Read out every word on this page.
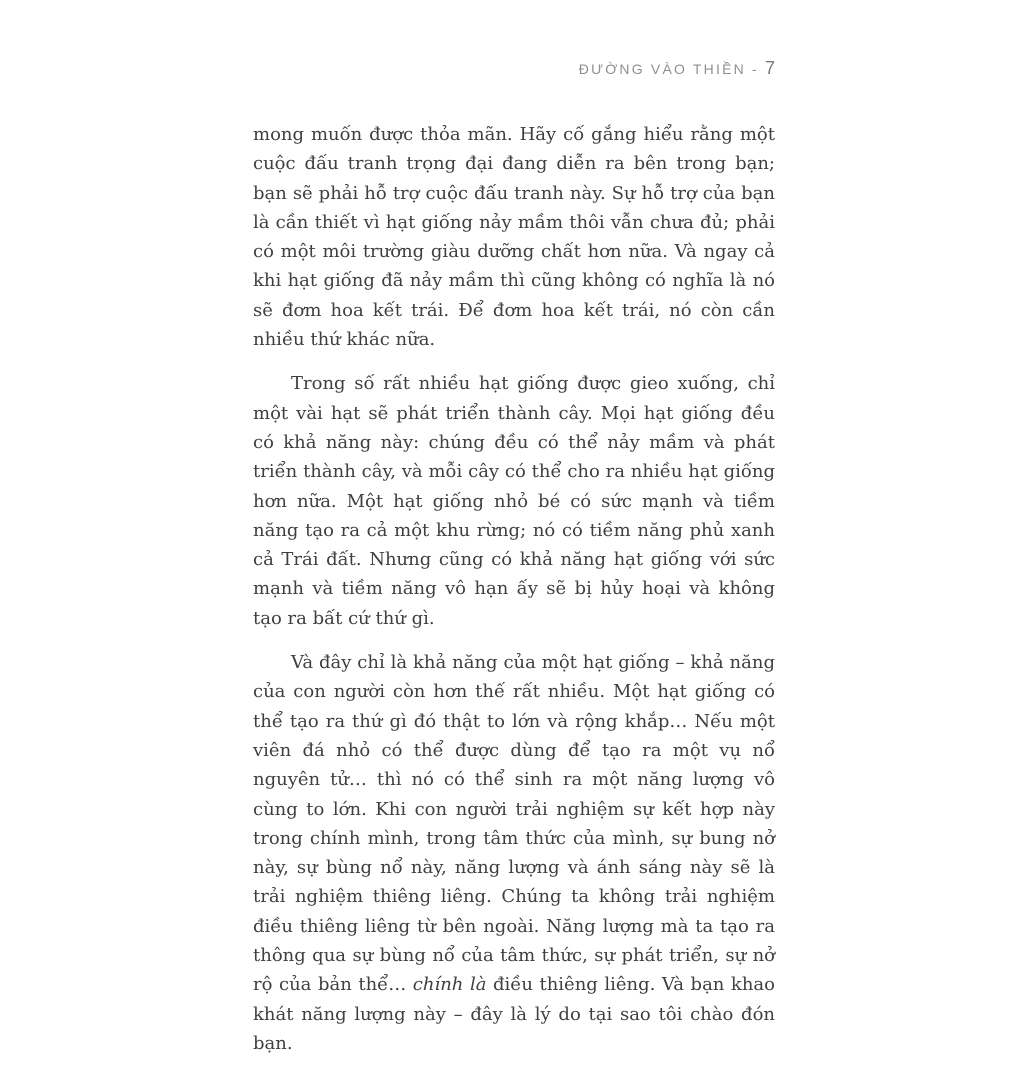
ĐƯỜNG VÀO THIỀN - 7

mong muốn được thỏa mãn. Hãy cố gắng hiểu rằng một cuộc đấu tranh trọng đại đang diễn ra bên trong bạn; bạn sẽ phải hỗ trợ cuộc đấu tranh này. Sự hỗ trợ của bạn là cần thiết vì hạt giống nảy mầm thôi vẫn chưa đủ; phải có một môi trường giàu dưỡng chất hơn nữa. Và ngay cả khi hạt giống đã nảy mầm thì cũng không có nghĩa là nó sẽ đơm hoa kết trái. Để đơm hoa kết trái, nó còn cần nhiều thứ khác nữa.

Trong số rất nhiều hạt giống được gieo xuống, chỉ một vài hạt sẽ phát triển thành cây. Mọi hạt giống đều có khả năng này: chúng đều có thể nảy mầm và phát triển thành cây, và mỗi cây có thể cho ra nhiều hạt giống hơn nữa. Một hạt giống nhỏ bé có sức mạnh và tiềm năng tạo ra cả một khu rừng; nó có tiềm năng phủ xanh cả Trái đất. Nhưng cũng có khả năng hạt giống với sức mạnh và tiềm năng vô hạn ấy sẽ bị hủy hoại và không tạo ra bất cứ thứ gì.

Và đây chỉ là khả năng của một hạt giống – khả năng của con người còn hơn thế rất nhiều. Một hạt giống có thể tạo ra thứ gì đó thật to lớn và rộng khắp… Nếu một viên đá nhỏ có thể được dùng để tạo ra một vụ nổ nguyên tử… thì nó có thể sinh ra một năng lượng vô cùng to lớn. Khi con người trải nghiệm sự kết hợp này trong chính mình, trong tâm thức của mình, sự bung nở này, sự bùng nổ này, năng lượng và ánh sáng này sẽ là trải nghiệm thiêng liêng. Chúng ta không trải nghiệm điều thiêng liêng từ bên ngoài. Năng lượng mà ta tạo ra thông qua sự bùng nổ của tâm thức, sự phát triển, sự nở rộ của bản thể… chính là điều thiêng liêng. Và bạn khao khát năng lượng này – đây là lý do tại sao tôi chào đón bạn.
